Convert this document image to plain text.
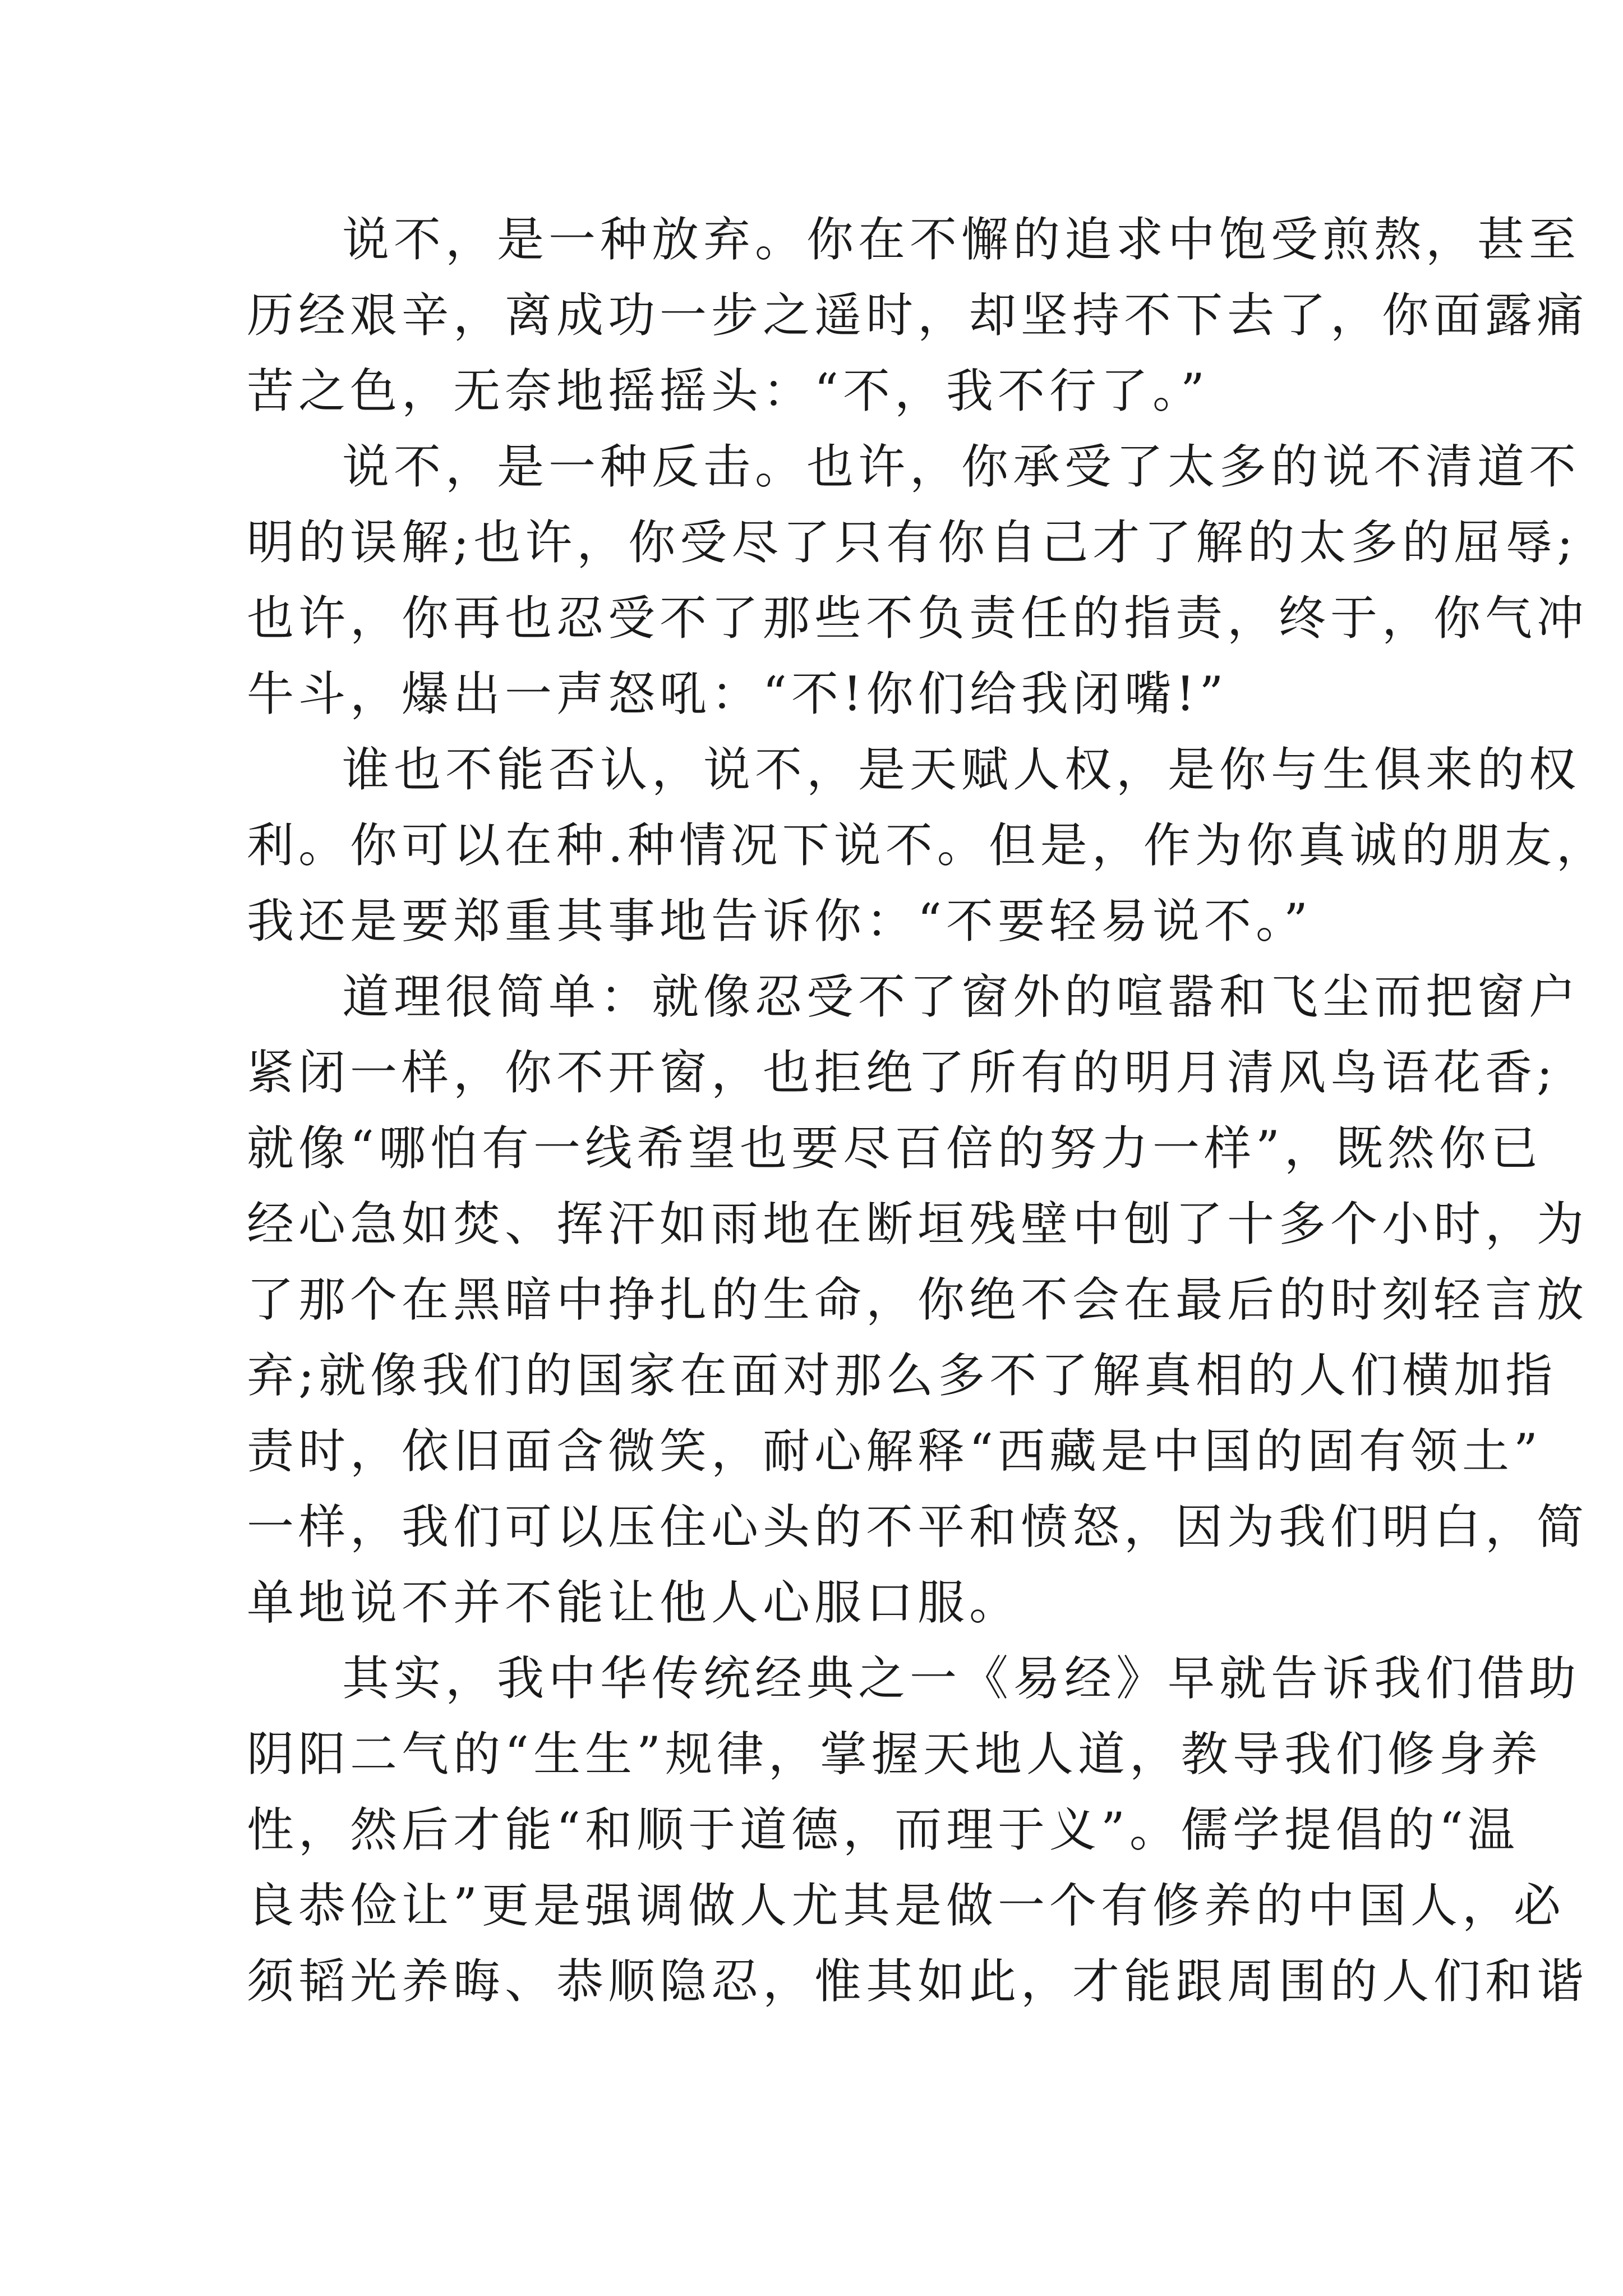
说不，是一种放弃。你在不懈的追求中饱受煎熬，甚至
历经艰辛，离成功一步之遥时，却坚持不下去了，你面露痛
苦之色，无奈地摇摇头：“不，我不行了。”
说不，是一种反击。也许，你承受了太多的说不清道不
明的误解;也许，你受尽了只有你自己才了解的太多的屈辱;
也许，你再也忍受不了那些不负责任的指责，终于，你气冲
牛斗，爆出一声怒吼：“不!你们给我闭嘴!”
谁也不能否认，说不，是天赋人权，是你与生俱来的权
利。你可以在种.种情况下说不。但是，作为你真诚的朋友，
我还是要郑重其事地告诉你：“不要轻易说不。”
道理很简单：就像忍受不了窗外的喧嚣和飞尘而把窗户
紧闭一样，你不开窗，也拒绝了所有的明月清风鸟语花香;
就像“哪怕有一线希望也要尽百倍的努力一样”，既然你已
经心急如焚、挥汗如雨地在断垣残壁中刨了十多个小时，为
了那个在黑暗中挣扎的生命，你绝不会在最后的时刻轻言放
弃;就像我们的国家在面对那么多不了解真相的人们横加指
责时，依旧面含微笑，耐心解释“西藏是中国的固有领土”
一样，我们可以压住心头的不平和愤怒，因为我们明白，简
单地说不并不能让他人心服口服。
其实，我中华传统经典之一《易经》早就告诉我们借助
阴阳二气的“生生”规律，掌握天地人道，教导我们修身养
性，然后才能“和顺于道德，而理于义”。儒学提倡的“温
良恭俭让”更是强调做人尤其是做一个有修养的中国人，必
须韬光养晦、恭顺隐忍，惟其如此，才能跟周围的人们和谐
